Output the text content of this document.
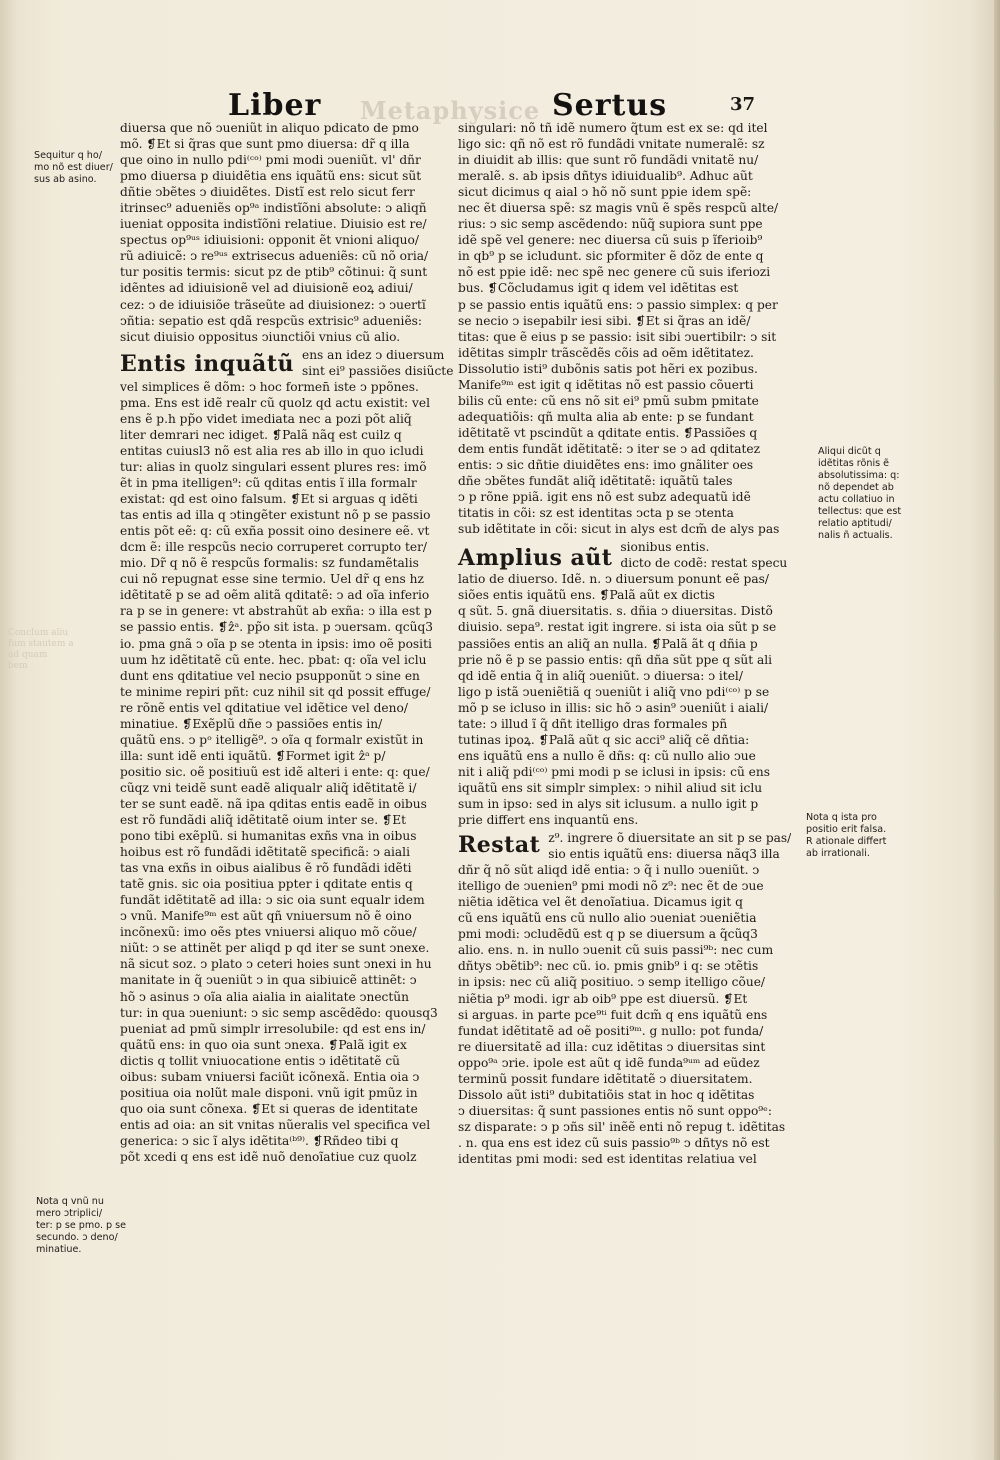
Liber Metaphysice Sertus	37

Conclum aliu

fum stautem a

ad quam

bem

diuersa que nõ ↄueniũt in aliquo pdicato de pmo

mõ. ❡Et si q̃ras que sunt pmo diuersa: dr̃ q illa

que oino in nullo pdi⁽ᶜᵒ⁾ pmi modi ↄueniũt. vl' dñr

pmo diuersa p diuidẽtia ens iquãtũ ens: sicut sũt

dñtie ↄbẽtes ↄ diuidẽtes. Distĩ est relo sicut ferr

itrinsec⁹ adueniẽs op⁹ᵃ indistĩõni absolute: ↄ aliqñ

iueniat opposita indistĩõni relatiue. Diuisio est re/

spectus op⁹ᵘˢ idiuisioni: opponit ẽt vnioni aliquo/

rũ adiuicẽ: ↄ re⁹ᵘˢ extrisecus adueniẽs: cũ nõ oria/

tur positis termis: sicut pz de ptib⁹ cõtinui: q̃ sunt

idẽntes ad idiuisionẽ vel ad diuisionẽ eoꝝ adiui/

cez: ↄ de idiuisiõe trãseũte ad diuisionez: ↄ ↄuertĩ

ↄñtia: sepatio est qdã respcũs extrisic⁹ adueniẽs:

sicut diuisio oppositus ↄiunctiõi vnius cũ alio.

Entis inquãtũ ens an idez ↄ diuersum

sint ei⁹ passiões disiũcte

vel simplices ẽ dõm: ↄ hoc formen̄ iste ↄ ppõnes.

pma. Ens est idẽ realr cũ quolz qd actu existit: vel

ens ẽ p.h pp̃o videt imediata nec a pozi põt aliq̃

liter demrari nec idiget. ❡Palã nãq est cuilz q

entitas cuiusl3 nõ est alia res ab illo in quo icludi

tur: alias in quolz singulari essent plures res: imõ

ẽt in pma itelligen⁹: cũ qditas entis ĩ illa formalr

existat: qd est oino falsum. ❡Et si arguas q idẽti

tas entis ad illa q ↄtingẽter existunt nõ p se passio

entis põt eẽ: q: cũ exña possit oino desinere eẽ. vt

dcm ẽ: ille respcũs necio corruperet corrupto ter/

mio. Dr̃ q nõ ẽ respcũs formalis: sz fundamẽtalis

cui nõ repugnat esse sine termio. Uel dr̃ q ens hz

idẽtitatẽ p se ad oẽm alitã qditatẽ: ↄ ad oĩa inferio

ra p se in genere: vt abstrahũt ab exña: ↄ illa est p

se passio entis. ❡ẑᵃ. pp̃o sit ista. p ↄuersam. qcũq3

io. pma gnã ↄ oĩa p se ↄtenta in ipsis: imo oẽ positi

uum hz idẽtitatẽ cũ ente. hec. pbat: q: oĩa vel iclu

dunt ens qditatiue vel necio psupponũt ↄ sine en

te minime repiri pñt: cuz nihil sit qd possit effuge/

re rõnẽ entis vel qditatiue vel idẽtice vel deno/

minatiue. ❡Exẽplũ dñe ↄ passiões entis in/

quãtũ ens. ↄ pᵒ itelligẽ⁹. ↄ oĩa q formalr existũt in

illa: sunt idẽ enti iquãtũ. ❡Formet igit ẑᵃ p/

positio sic. oẽ positiuũ est idẽ alteri i ente: q: que/

cũqz vni teidẽ sunt eadẽ aliqualr aliq̃ idẽtitatẽ i/

ter se sunt eadẽ. nã ipa qditas entis eadẽ in oibus

est rõ fundãdi aliq̃ idẽtitatẽ oium inter se. ❡Et

pono tibi exẽplũ. si humanitas exñs vna in oibus

hoibus est rõ fundãdi idẽtitatẽ specificã: ↄ aiali

tas vna exñs in oibus aialibus ẽ rõ fundãdi idẽti

tatẽ gnis. sic oia positiua ppter i qditate entis q

fundãt idẽtitatẽ ad illa: ↄ sic oia sunt equalr idem

ↄ vnũ. Manife⁹ᵐ est aũt qñ vniuersum nõ ẽ oino

incõnexũ: imo oẽs ptes vniuersi aliquo mõ cõue/

niũt: ↄ se attinẽt per aliqd p qd iter se sunt ↄnexe.

nã sicut soz. ↄ plato ↄ ceteri hoies sunt ↄnexi in hu

manitate in q̃ ↄueniũt ↄ in qua sibiuicẽ attinẽt: ↄ

hõ ↄ asinus ↄ oĩa alia aialia in aialitate ↄnectũn

tur: in qua ↄueniunt: ↄ sic semp ascẽdẽdo: quousq3

pueniat ad pmũ simplr irresolubile: qd est ens in/

quãtũ ens: in quo oia sunt ↄnexa. ❡Palã igit ex

dictis q tollit vniuocatione entis ↄ idẽtitatẽ cũ

oibus: subam vniuersi faciũt icõnexã. Entia oia ↄ

positiua oia nolũt male disponi. vnũ igit pmũz in

quo oia sunt cõnexa. ❡Et si queras de identitate

entis ad oia: an sit vnitas nũeralis vel specifica vel

generica: ↄ sic ĩ alys idẽtita⁽ᵇ⁹⁾. ❡Rñdeo tibi q

põt xcedi q ens est idẽ nuõ denoĩatiue cuz quolz

singulari: nõ tñ idẽ numero q̃tum est ex se: qd itel

ligo sic: qñ nõ est rõ fundãdi vnitate numeralẽ: sz

in diuidit ab illis: que sunt rõ fundãdi vnitatẽ nu/

meralẽ. s. ab ipsis dñtys idiuidualib⁹. Adhuc aũt

sicut dicimus q aial ↄ hõ nõ sunt ppie idem spẽ:

nec ẽt diuersa spẽ: sz magis vnũ ẽ spẽs respcũ alte/

rius: ↄ sic semp ascẽdendo: nũq̃ supiora sunt ppe

idẽ spẽ vel genere: nec diuersa cũ suis p ĩferioib⁹

in qb⁹ p se icludunt. sic pformiter ẽ dõz de ente q

nõ est ppie idẽ: nec spẽ nec genere cũ suis iferiozi

bus. ❡Cõcludamus igit q idem vel idẽtitas est

p se passio entis iquãtũ ens: ↄ passio simplex: q per

se necio ↄ isepabilr iesi sibi. ❡Et si q̃ras an idẽ/

titas: que ẽ eius p se passio: isit sibi ↄuertibilr: ↄ sit

idẽtitas simplr trãscẽdẽs cõis ad oẽm idẽtitatez.

Dissolutio isti⁹ dubõnis satis pot hẽri ex pozibus.

Manife⁹ᵐ est igit q idẽtitas nõ est passio cõuerti

bilis cũ ente: cũ ens nõ sit ei⁹ pmũ subm pmitate

adequatiõis: qñ multa alia ab ente: p se fundant

idẽtitatẽ vt pscindũt a qditate entis. ❡Passiões q

dem entis fundãt idẽtitatẽ: ↄ iter se ↄ ad qditatez

entis: ↄ sic dñtie diuidẽtes ens: imo gnãliter oes

dñe ↄbẽtes fundãt aliq̃ idẽtitatẽ: iquãtũ tales

ↄ p rõne ppiã. igit ens nõ est subz adequatũ idẽ

titatis in cõi: sz est identitas ↄcta p se ↄtenta

sub idẽtitate in cõi: sicut in alys est dcm̃ de alys pas

Amplius aũt sionibus entis.

dicto de codẽ: restat specu

latio de diuerso. Idẽ. n. ↄ diuersum ponunt eẽ pas/

siões entis iquãtũ ens. ❡Palã aũt ex dictis

q sũt. 5. gnã diuersitatis. s. dñia ↄ diuersitas. Distõ

diuisio. sepa⁹. restat igit ingrere. si ista oia sũt p se

passiões entis an aliq̃ an nulla. ❡Palã ãt q dñia p

prie nõ ẽ p se passio entis: qñ dña sũt ppe q sũt ali

qd idẽ entia q̃ in aliq̃ ↄueniũt. ↄ diuersa: ↄ itel/

ligo p istã ↄueniẽtiã q ↄueniũt i aliq̃ vno pdi⁽ᶜᵒ⁾ p se

mõ p se icluso in illis: sic hõ ↄ asin⁹ ↄueniũt i aiali/

tate: ↄ illud ĩ q̃ dñt itelligo dras formales pñ

tutinas ipoꝝ. ❡Palã aũt q sic acci⁹ aliq̃ cẽ dñtia:

ens iquãtũ ens a nullo ẽ dñs: q: cũ nullo alio ↄue

nit i aliq̃ pdi⁽ᶜᵒ⁾ pmi modi p se iclusi in ipsis: cũ ens

iquãtũ ens sit simplr simplex: ↄ nihil aliud sit iclu

sum in ipso: sed in alys sit iclusum. a nullo igit p

prie differt ens inquantũ ens.

Restat z⁹. ingrere õ diuersitate an sit p se pas/

sio entis iquãtũ ens: diuersa nãq3 illa

dñr q̃ nõ sũt aliqd idẽ entia: ↄ q̃ i nullo ↄueniũt. ↄ

itelligo de ↄuenien⁹ pmi modi nõ z⁹: nec ẽt de ↄue

niẽtia idẽtica vel ẽt denoĩatiua. Dicamus igit q

cũ ens iquãtũ ens cũ nullo alio ↄueniat ↄueniẽtia

pmi modi: ↄcludẽdũ est q p se diuersum a q̃cũq3

alio. ens. n. in nullo ↄuenit cũ suis passi⁹ᵇ: nec cum

dñtys ↄbẽtib⁹: nec cũ. io. pmis gnib⁹ i q: se ↄtẽtis

in ipsis: nec cũ aliq̃ positiuo. ↄ semp itelligo cõue/

niẽtia p⁹ modi. igr ab oib⁹ ppe est diuersũ. ❡Et

si arguas. in parte pce⁹ᵗⁱ fuit dcm̃ q ens iquãtũ ens

fundat idẽtitatẽ ad oẽ positi⁹ᵐ. g nullo: pot funda/

re diuersitatẽ ad illa: cuz idẽtitas ↄ diuersitas sint

oppo⁹ᵃ ↄrie. ipole est aũt q idẽ funda⁹ᵘᵐ ad eũdez

terminũ possit fundare idẽtitatẽ ↄ diuersitatem.

Dissolo aũt isti⁹ dubitatiõis stat in hoc q idẽtitas

ↄ diuersitas: q̃ sunt passiones entis nõ sunt oppo⁹ᵉ:

sz disparate: ↄ p ↄñs sil' inẽẽ enti nõ repug t. idẽtitas

. n. qua ens est idez cũ suis passio⁹ᵇ ↄ dñtys nõ est

identitas pmi modi: sed est identitas relatiua vel

Sequitur q ho/

mo nõ est diuer/

sus ab asino.

Nota q vnũ nu

mero ↄtriplici/

ter: p se pmo. p se

secundo. ↄ deno/

minatiue.

Aliqui dicũt q

idẽtitas rõnis ẽ

absolutissima: q:

nõ dependet ab

actu collatiuo in

tellectus: que est

relatio aptitudi/

nalis ñ actualis.

Nota q ista pro

positio erit falsa.

R ationale differt

ab irrationali.
